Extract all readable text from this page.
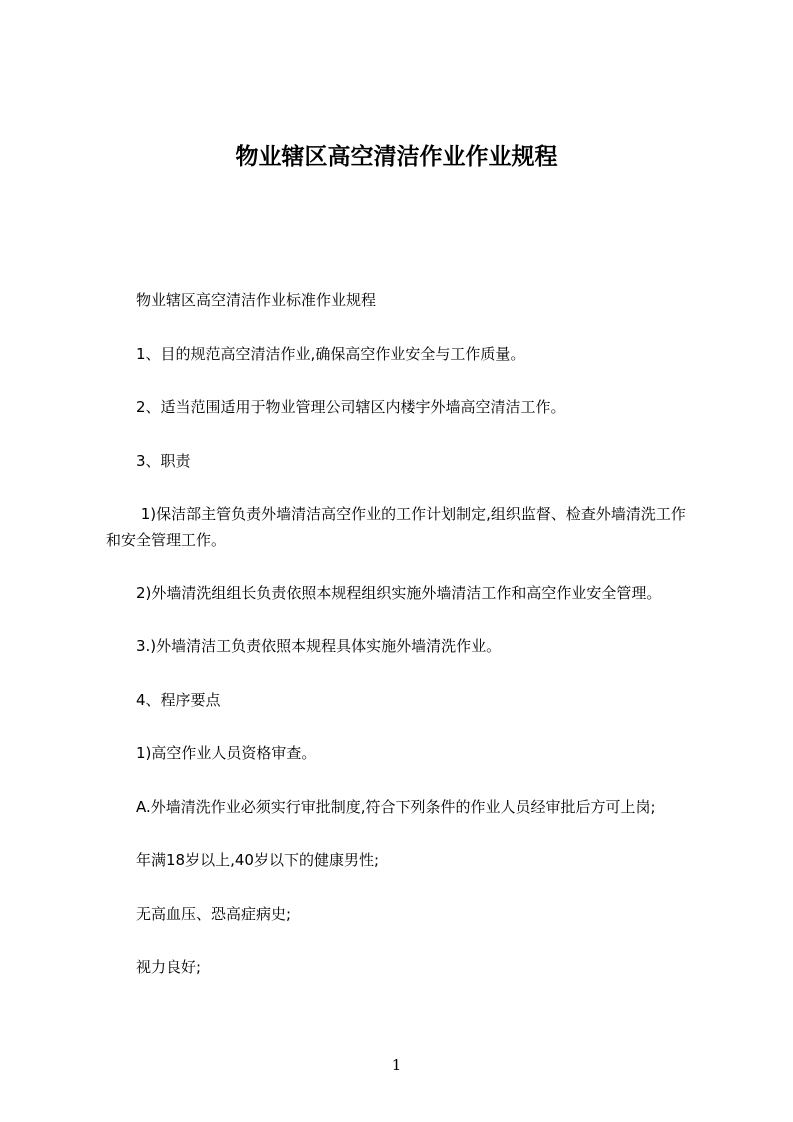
物业辖区高空清洁作业作业规程
　　物业辖区高空清洁作业标准作业规程
　　1、目的规范高空清洁作业,确保高空作业安全与工作质量。
　　2、适当范围适用于物业管理公司辖区内楼宇外墙高空清洁工作。
　　3、职责
　　 1)保洁部主管负责外墙清洁高空作业的工作计划制定,组织监督、检查外墙清洗工作和安全管理工作。
　　2)外墙清洗组组长负责依照本规程组织实施外墙清洁工作和高空作业安全管理。
　　3.)外墙清洁工负责依照本规程具体实施外墙清洗作业。
　　4、程序要点
　　1)高空作业人员资格审查。
　　A.外墙清洗作业必须实行审批制度,符合下列条件的作业人员经审批后方可上岗;
　　年满18岁以上,40岁以下的健康男性;
　　无高血压、恐高症病史;
　　视力良好;
1
